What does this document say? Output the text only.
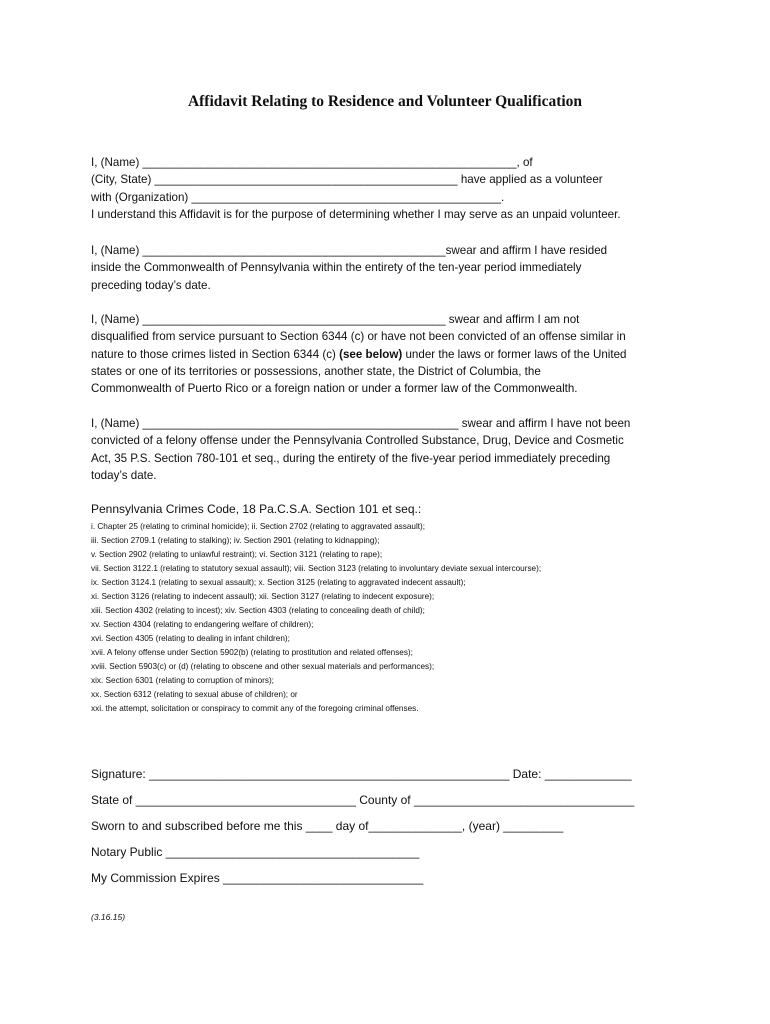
Affidavit Relating to Residence and Volunteer Qualification

I, (Name) __________________________________________________________, of

(City, State) _______________________________________________ have applied as a volunteer

with (Organization) ________________________________________________.

I understand this Affidavit is for the purpose of determining whether I may serve as an unpaid volunteer.

I, (Name) _______________________________________________swear and affirm I have resided

inside the Commonwealth of Pennsylvania within the entirety of the ten-year period immediately

preceding today’s date.

I, (Name) _______________________________________________ swear and affirm I am not

disqualified from service pursuant to Section 6344 (c) or have not been convicted of an offense similar in

nature to those crimes listed in Section 6344 (c) (see below) under the laws or former laws of the United

states or one of its territories or possessions, another state, the District of Columbia, the

Commonwealth of Puerto Rico or a foreign nation or under a former law of the Commonwealth.

I, (Name) _________________________________________________ swear and affirm I have not been

convicted of a felony offense under the Pennsylvania Controlled Substance, Drug, Device and Cosmetic

Act, 35 P.S. Section 780-101 et seq., during the entirety of the five-year period immediately preceding

today’s date.

Pennsylvania Crimes Code, 18 Pa.C.S.A. Section 101 et seq.:
i. Chapter 25 (relating to criminal homicide); ii. Section 2702 (relating to aggravated assault);
iii. Section 2709.1 (relating to stalking); iv. Section 2901 (relating to kidnapping);
v. Section 2902 (relating to unlawful restraint); vi. Section 3121 (relating to rape);
vii. Section 3122.1 (relating to statutory sexual assault); viii. Section 3123 (relating to involuntary deviate sexual intercourse);
ix. Section 3124.1 (relating to sexual assault); x. Section 3125 (relating to aggravated indecent assault);
xi. Section 3126 (relating to indecent assault); xii. Section 3127 (relating to indecent exposure);
xiii. Section 4302 (relating to incest); xiv. Section 4303 (relating to concealing death of child);
xv. Section 4304 (relating to endangering welfare of children);
xvi. Section 4305 (relating to dealing in infant children);
xvii. A felony offense under Section 5902(b) (relating to prostitution and related offenses);
xviii. Section 5903(c) or (d) (relating to obscene and other sexual materials and performances);
xix. Section 6301 (relating to corruption of minors);
xx. Section 6312 (relating to sexual abuse of children); or
xxi. the attempt, solicitation or conspiracy to commit any of the foregoing criminal offenses.
Signature: ______________________________________________________ Date: _____________
State of _________________________________ County of _________________________________
Sworn to and subscribed before me this ____ day of______________, (year) _________
Notary Public ______________________________________
My Commission Expires ______________________________
(3.16.15)
